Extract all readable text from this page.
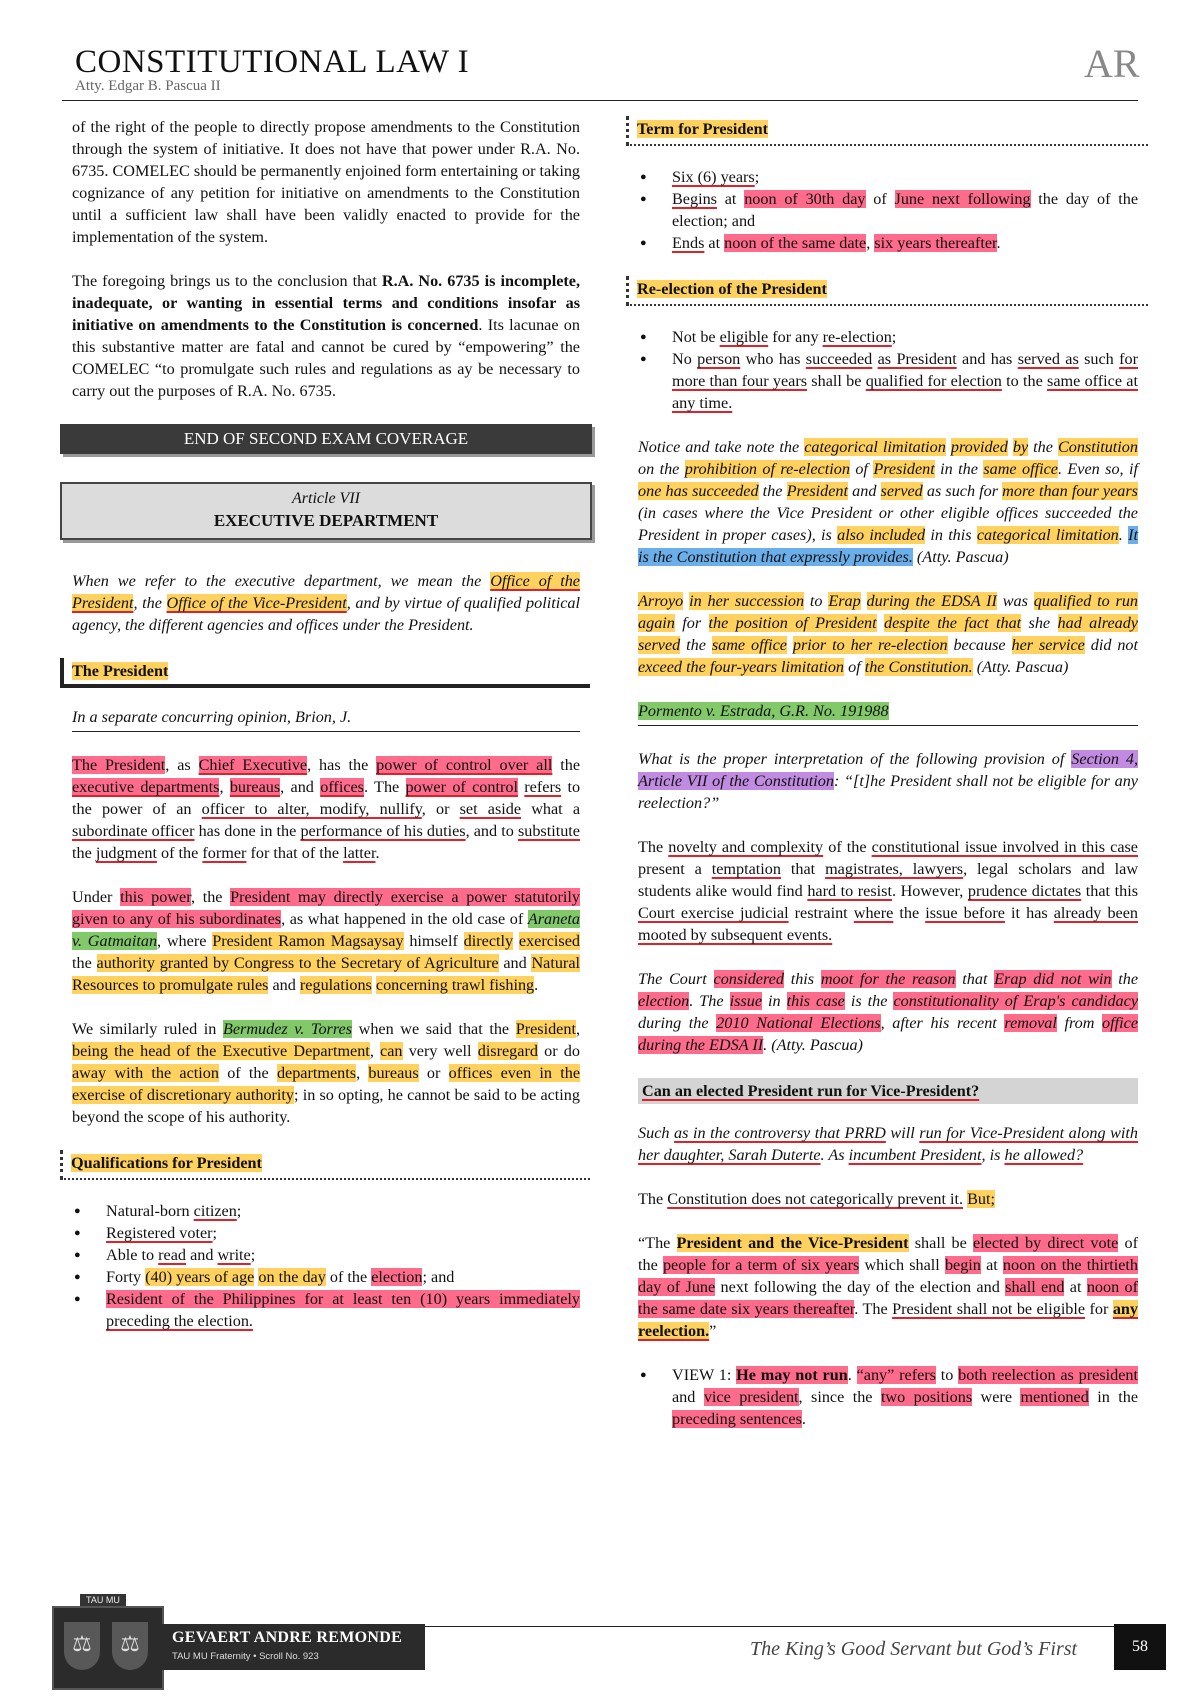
CONSTITUTIONAL LAW I
Atty. Edgar B. Pascua II	AR

of the right of the people to directly propose amendments to the Constitution through the system of initiative. It does not have that power under R.A. No. 6735. COMELEC should be permanently enjoined form entertaining or taking cognizance of any petition for initiative on amendments to the Constitution until a sufficient law shall have been validly enacted to provide for the implementation of the system.

The foregoing brings us to the conclusion that R.A. No. 6735 is incomplete, inadequate, or wanting in essential terms and conditions insofar as initiative on amendments to the Constitution is concerned. Its lacunae on this substantive matter are fatal and cannot be cured by “empowering” the COMELEC “to promulgate such rules and regulations as ay be necessary to carry out the purposes of R.A. No. 6735.

END OF SECOND EXAM COVERAGE
Article VII
EXECUTIVE DEPARTMENT

When we refer to the executive department, we mean the Office of the President, the Office of the Vice-President, and by virtue of qualified political agency, the different agencies and offices under the President.

The President
In a separate concurring opinion, Brion, J.

The President, as Chief Executive, has the power of control over all the executive departments, bureaus, and offices. The power of control refers to the power of an officer to alter, modify, nullify, or set aside what a subordinate officer has done in the performance of his duties, and to substitute the judgment of the former for that of the latter.

Under this power, the President may directly exercise a power statutorily given to any of his subordinates, as what happened in the old case of Araneta v. Gatmaitan, where President Ramon Magsaysay himself directly exercised the authority granted by Congress to the Secretary of Agriculture and Natural Resources to promulgate rules and regulations concerning trawl fishing.

We similarly ruled in Bermudez v. Torres when we said that the President, being the head of the Executive Department, can very well disregard or do away with the action of the departments, bureaus or offices even in the exercise of discretionary authority; in so opting, he cannot be said to be acting beyond the scope of his authority.

Qualifications for President
● Natural-born citizen;
● Registered voter;
● Able to read and write;
● Forty (40) years of age on the day of the election; and
● Resident of the Philippines for at least ten (10) years immediately preceding the election.
Term for President
● Six (6) years;
● Begins at noon of 30th day of June next following the day of the election; and
● Ends at noon of the same date, six years thereafter.
Re-election of the President
● Not be eligible for any re-election;
● No person who has succeeded as President and has served as such for more than four years shall be qualified for election to the same office at any time.

Notice and take note the categorical limitation provided by the Constitution on the prohibition of re-election of President in the same office. Even so, if one has succeeded the President and served as such for more than four years (in cases where the Vice President or other eligible offices succeeded the President in proper cases), is also included in this categorical limitation. It is the Constitution that expressly provides. (Atty. Pascua)

Arroyo in her succession to Erap during the EDSA II was qualified to run again for the position of President despite the fact that she had already served the same office prior to her re-election because her service did not exceed the four-years limitation of the Constitution. (Atty. Pascua)

Pormento v. Estrada, G.R. No. 191988

What is the proper interpretation of the following provision of Section 4, Article VII of the Constitution: “[t]he President shall not be eligible for any reelection?”

The novelty and complexity of the constitutional issue involved in this case present a temptation that magistrates, lawyers, legal scholars and law students alike would find hard to resist. However, prudence dictates that this Court exercise judicial restraint where the issue before it has already been mooted by subsequent events.

The Court considered this moot for the reason that Erap did not win the election. The issue in this case is the constitutionality of Erap's candidacy during the 2010 National Elections, after his recent removal from office during the EDSA II. (Atty. Pascua)

Can an elected President run for Vice-President?

Such as in the controversy that PRRD will run for Vice-President along with her daughter, Sarah Duterte. As incumbent President, is he allowed?

The Constitution does not categorically prevent it. But;

“The President and the Vice-President shall be elected by direct vote of the people for a term of six years which shall begin at noon on the thirtieth day of June next following the day of the election and shall end at noon of the same date six years thereafter. The President shall not be eligible for any reelection.”

● VIEW 1: He may not run. “any” refers to both reelection as president and vice president, since the two positions were mentioned in the preceding sentences.
TAU MU
⚖	⚖	GEVAERT ANDRE REMONDE
TAU MU Fraternity • Scroll No. 923	The King’s Good Servant but God’s First	58
